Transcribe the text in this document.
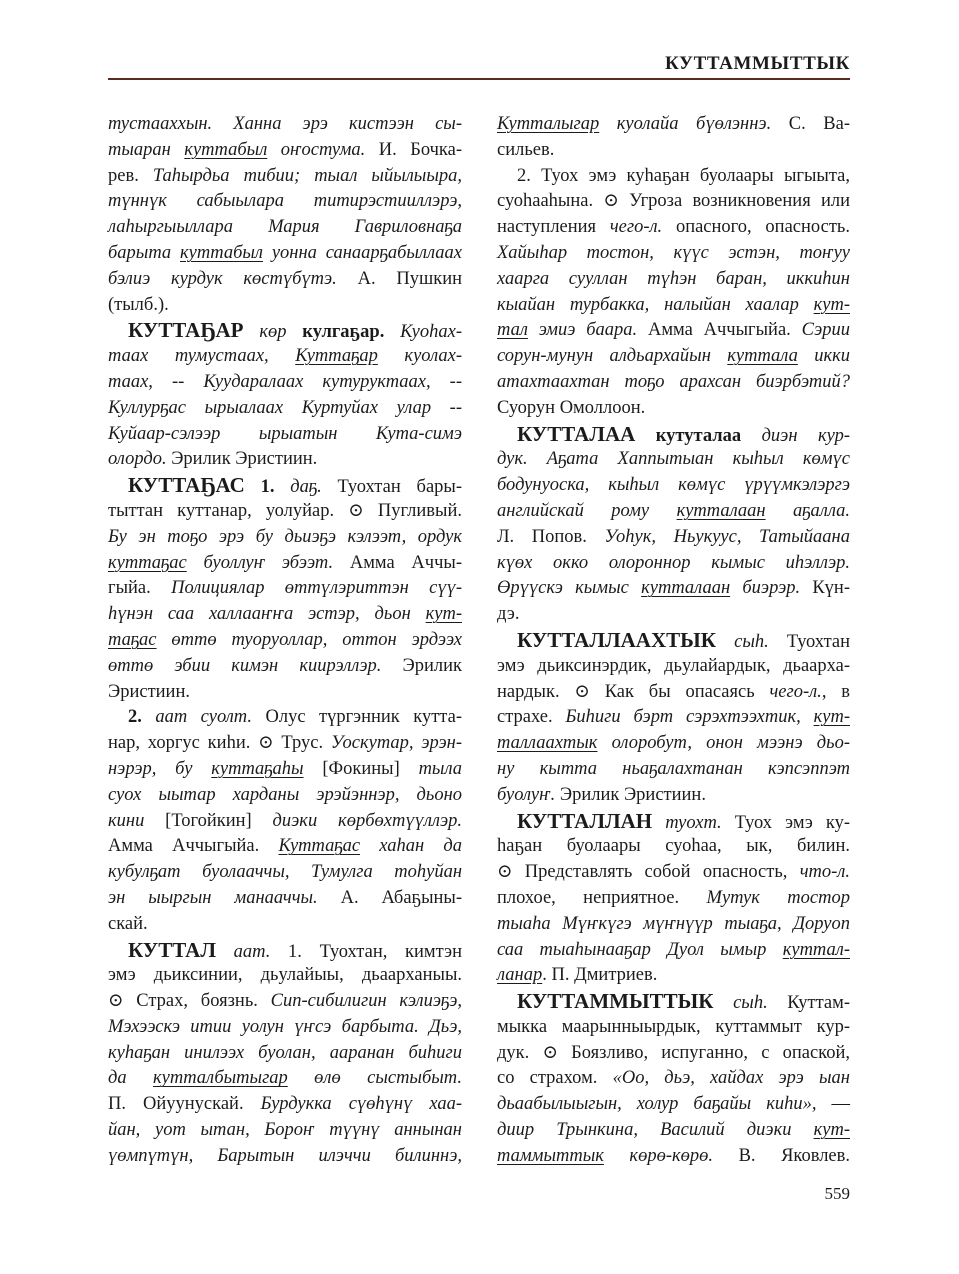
КУТТАММЫТТЫК
тустааххын. Ханна эрэ кистээн сы-
тыаран куттабыл оҥостума. И. Бочка-
рев. Таһырдьа тибии; тыал ыйылыыра,
түннүк сабыылара титирэстииллэрэ,
лаһыргыыллара Мария Гавриловнаҕа
барыта куттабыл уонна санаарҕабыллаах
бэлиэ курдук көстүбүтэ. А. Пушкин
(тылб.).
КУТТАҔАР көр кулгаҕар. Куоһах-
таах тумустаах, Куттаҕар куолах-
таах, -- Куударалаах кутуруктаах, --
Куллурҕас ырыалаах Куртуйах улар --
Куйаар-сэлээр ырыатын Кута-симэ
олордо. Эрилик Эристиин.
КУТТАҔАС 1. даҕ. Туохтан бары-
тыттан куттанар, уолуйар. ⊙ Пугливый.
Бу эн тоҕо эрэ бу дьиэҕэ кэлээт, ордук
куттаҕас буоллуҥ эбээт. Амма Аччы-
гыйа. Полициялар өттүлэриттэн сүү-
һүнэн саа халлааҥҥа эстэр, дьон кут-
таҕас өттө туоруоллар, оттон эрдээх
өттө эбии кимэн киирэллэр. Эрилик
Эристиин.
2. аат суолт. Олус түргэнник кутта-
нар, хоргус киһи. ⊙ Трус. Уоскутар, эрэн-
нэрэр, бу куттаҕаһы [Фокины] тыла
суох ыытар харданы эрэйэннэр, дьоно
кини [Тогойкин] диэки көрбөхтүүллэр.
Амма Аччыгыйа. Куттаҕас хаһан да
кубулҕат буолааччы, Тумулга тоһуйан
эн ыыргын манааччы. А. Абаҕыны-
скай.
КУТТАЛ аат. 1. Туохтан, кимтэн
эмэ дьиксинии, дьулайыы, дьаарханыы.
⊙ Страх, боязнь. Сип-сибилигин кэлиэҕэ,
Мэхээскэ итии уолун үҥсэ барбыта. Дьэ,
куһаҕан инилээх буолан, ааранан биһиги
да кутталбытыгар өлө сыстыбыт.
П. Ойуунускай. Бурдукка сүөһүнү хаа-
йан, уот ытан, Бороҥ түүнү аннынан
үөмпүтүн, Барытын илэччи билиннэ,
Кутталыгар куолайа бүөлэннэ. С. Ва-
сильев.
2. Туох эмэ куһаҕан буолаары ыгыыта,
суоһааһына. ⊙ Угроза возникновения или
наступления чего-л. опасного, опасность.
Хайыһар тостон, күүс эстэн, тоҥуу
хаарга сууллан түһэн баран, иккиһин
кыайан турбакка, налыйан хаалар кут-
тал эмиэ баара. Амма Аччыгыйа. Сэрии
сорун-мунун алдьархайын куттала икки
атахтаахтан тоҕо арахсан биэрбэтий?
Суорун Омоллоон.
КУТТАЛАА кутуталаа диэн кур-
дук. Аҕата Хаппытыан кыһыл көмүс
бодунуоска, кыһыл көмүс үрүүмкэлэргэ
английскай рому кутталаан аҕалла.
Л. Попов. Уоһук, Ньукуус, Татыйаана
күөх окко олороннор кымыс иһэллэр.
Өрүүскэ кымыс кутталаан биэрэр. Күн-
дэ.
КУТТАЛЛААХТЫК сыһ. Туохтан
эмэ дьиксинэрдик, дьулайардык, дьаарха-
нардык. ⊙ Как бы опасаясь чего-л., в
страхе. Биһиги бэрт сэрэхтээхтик, кут-
таллаахтык олоробут, онон мээнэ дьо-
ну кытта ньаҕалахтанан кэпсэппэт
буолуҥ. Эрилик Эристиин.
КУТТАЛЛАН туохт. Туох эмэ ку-
һаҕан буолаары суоһаа, ык, билин.
⊙ Представлять собой опасность, что-л.
плохое, неприятное. Мутук тостор
тыаһа Мүҥкүгэ мүҥнүүр тыаҕа, Доруоп
саа тыаһынааҕар Дуол ымыр куттал-
ланар. П. Дмитриев.
КУТТАММЫТТЫК сыһ. Куттам-
мыкка маарынныырдык, куттаммыт кур-
дук. ⊙ Боязливо, испуганно, с опаской,
со страхом. «Оо, дьэ, хайдах эрэ ыан
дьаабылыыгын, холур баҕайы киһи», —
диир Трынкина, Василий диэки кут-
таммыттык көрө-көрө. В. Яковлев.
559
